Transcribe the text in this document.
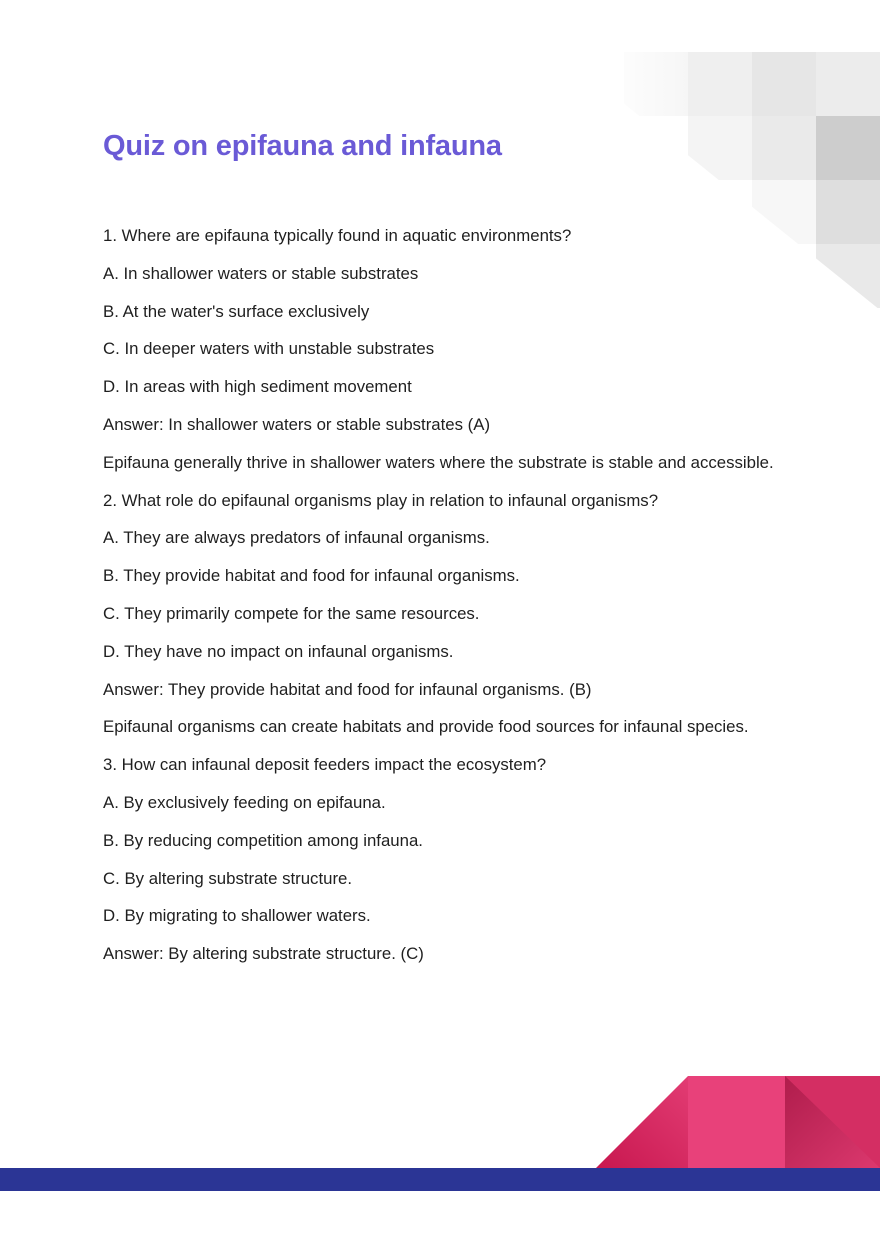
Quiz on epifauna and infauna

1. Where are epifauna typically found in aquatic environments?

A. In shallower waters or stable substrates

B. At the water's surface exclusively

C. In deeper waters with unstable substrates

D. In areas with high sediment movement

Answer: In shallower waters or stable substrates (A)

Epifauna generally thrive in shallower waters where the substrate is stable and accessible.

2. What role do epifaunal organisms play in relation to infaunal organisms?

A. They are always predators of infaunal organisms.

B. They provide habitat and food for infaunal organisms.

C. They primarily compete for the same resources.

D. They have no impact on infaunal organisms.

Answer: They provide habitat and food for infaunal organisms. (B)

Epifaunal organisms can create habitats and provide food sources for infaunal species.

3. How can infaunal deposit feeders impact the ecosystem?

A. By exclusively feeding on epifauna.

B. By reducing competition among infauna.

C. By altering substrate structure.

D. By migrating to shallower waters.

Answer: By altering substrate structure. (C)
